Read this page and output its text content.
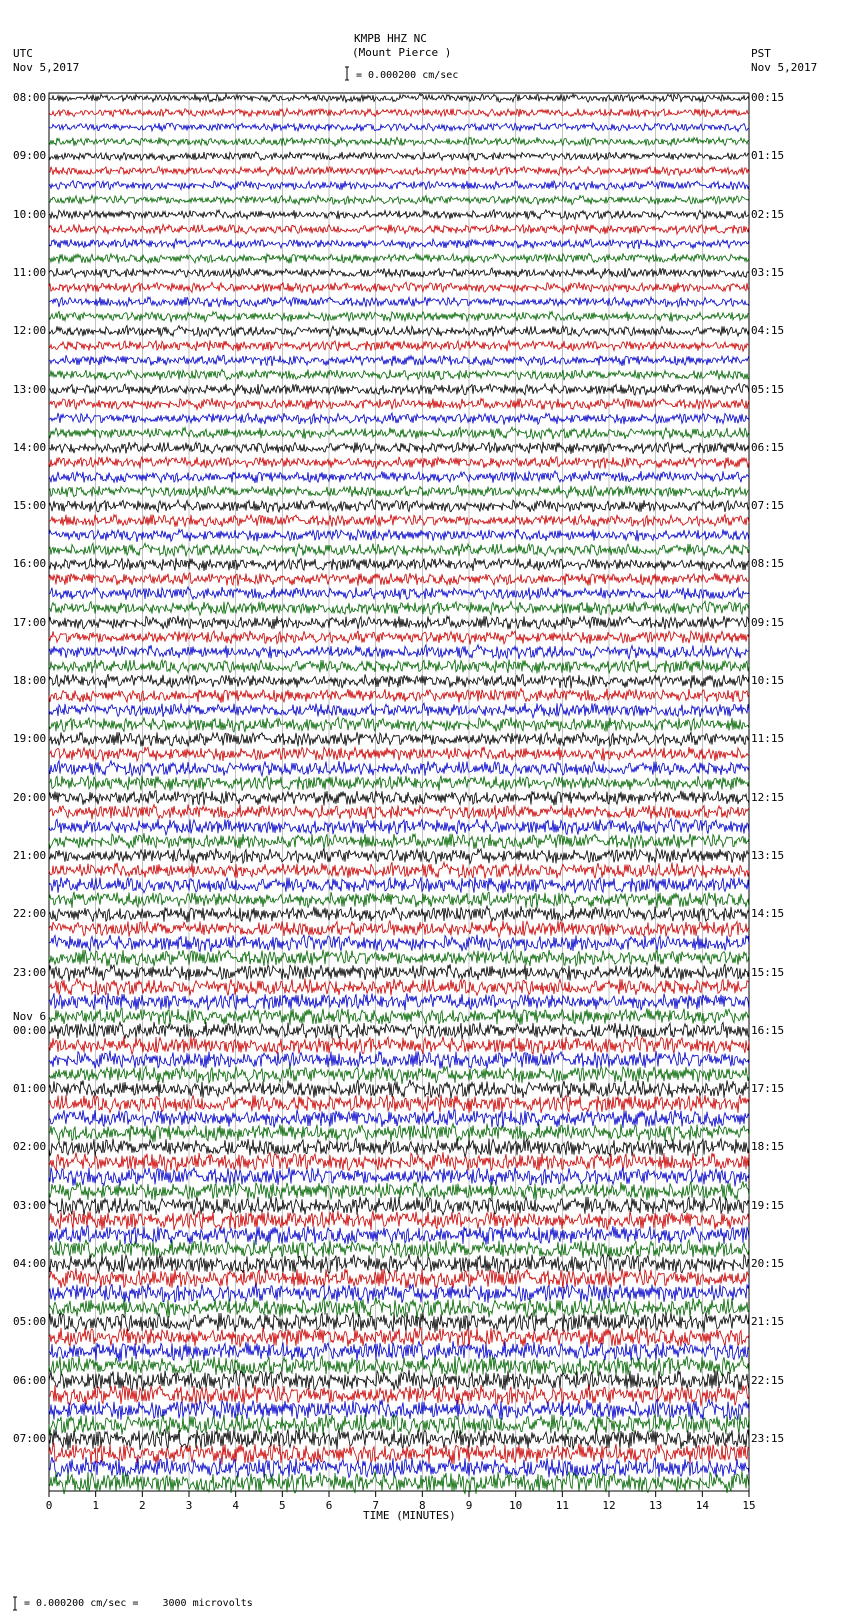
0	1	2	3	4	5	6	7	8	9	10	11	12	13	14	15
KMPB HHZ NC
(Mount Pierce )
= 0.000200 cm/sec
UTC
Nov 5,2017
PST
Nov 5,2017
TIME (MINUTES)
= 0.000200 cm/sec =    3000 microvolts
08:00	00:15
09:00	01:15
10:00	02:15
11:00	03:15
12:00	04:15
13:00	05:15
14:00	06:15
15:00	07:15
16:00	08:15
17:00	09:15
18:00	10:15
19:00	11:15
20:00	12:15
21:00	13:15
22:00	14:15
23:00	15:15
00:00	16:15
Nov 6
01:00	17:15
02:00	18:15
03:00	19:15
04:00	20:15
05:00	21:15
06:00	22:15
07:00	23:15
